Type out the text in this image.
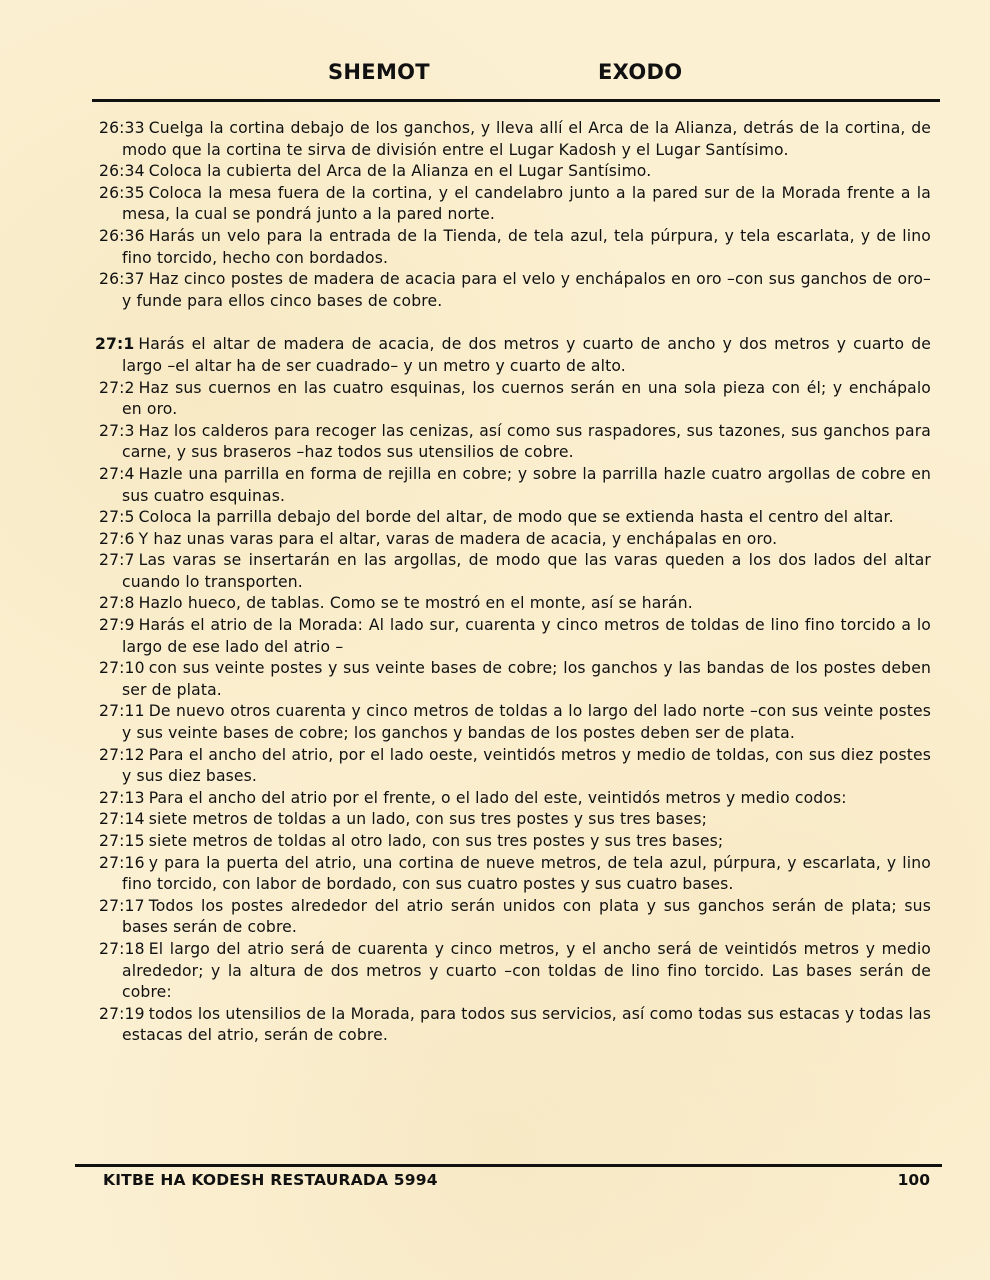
SHEMOT	EXODO

26:33 Cuelga la cortina debajo de los ganchos, y lleva allí el Arca de la Alianza, detrás de la cortina, de modo que la cortina te sirva de división entre el Lugar Kadosh y el Lugar Santísimo.

26:34 Coloca la cubierta del Arca de la Alianza en el Lugar Santísimo.

26:35 Coloca la mesa fuera de la cortina, y el candelabro junto a la pared sur de la Morada frente a la mesa, la cual se pondrá junto a la pared norte.

26:36 Harás un velo para la entrada de la Tienda, de tela azul, tela púrpura, y tela escarlata, y de lino fino torcido, hecho con bordados.

26:37 Haz cinco postes de madera de acacia para el velo y enchápalos en oro –con sus ganchos de oro– y funde para ellos cinco bases de cobre.

27:1 Harás el altar de madera de acacia, de dos metros y cuarto de ancho y dos metros y cuarto de largo –el altar ha de ser cuadrado– y un metro y cuarto de alto.

27:2 Haz sus cuernos en las cuatro esquinas, los cuernos serán en una sola pieza con él; y enchápalo en oro.

27:3 Haz los calderos para recoger las cenizas, así como sus raspadores, sus tazones, sus ganchos para carne, y sus braseros –haz todos sus utensilios de cobre.

27:4 Hazle una parrilla en forma de rejilla en cobre; y sobre la parrilla hazle cuatro argollas de cobre en sus cuatro esquinas.

27:5 Coloca la parrilla debajo del borde del altar, de modo que se extienda hasta el centro del altar.

27:6 Y haz unas varas para el altar, varas de madera de acacia, y enchápalas en oro.

27:7 Las varas se insertarán en las argollas, de modo que las varas queden a los dos lados del altar cuando lo transporten.

27:8 Hazlo hueco, de tablas. Como se te mostró en el monte, así se harán.

27:9 Harás el atrio de la Morada: Al lado sur, cuarenta y cinco metros de toldas de lino fino torcido a lo largo de ese lado del atrio –

27:10 con sus veinte postes y sus veinte bases de cobre; los ganchos y las bandas de los postes deben ser de plata.

27:11 De nuevo otros cuarenta y cinco metros de toldas a lo largo del lado norte –con sus veinte postes y sus veinte bases de cobre; los ganchos y bandas de los postes deben ser de plata.

27:12 Para el ancho del atrio, por el lado oeste, veintidós metros y medio de toldas, con sus diez postes y sus diez bases.

27:13 Para el ancho del atrio por el frente, o el lado del este, veintidós metros y medio codos:

27:14 siete metros de toldas a un lado, con sus tres postes y sus tres bases;

27:15 siete metros de toldas al otro lado, con sus tres postes y sus tres bases;

27:16 y para la puerta del atrio, una cortina de nueve metros, de tela azul, púrpura, y escarlata, y lino fino torcido, con labor de bordado, con sus cuatro postes y sus cuatro bases.

27:17 Todos los postes alrededor del atrio serán unidos con plata y sus ganchos serán de plata; sus bases serán de cobre.

27:18 El largo del atrio será de cuarenta y cinco metros, y el ancho será de veintidós metros y medio alrededor; y la altura de dos metros y cuarto –con toldas de lino fino torcido. Las bases serán de cobre:

27:19 todos los utensilios de la Morada, para todos sus servicios, así como todas sus estacas y todas las estacas del atrio, serán de cobre.

KITBE HA KODESH RESTAURADA 5994	100
